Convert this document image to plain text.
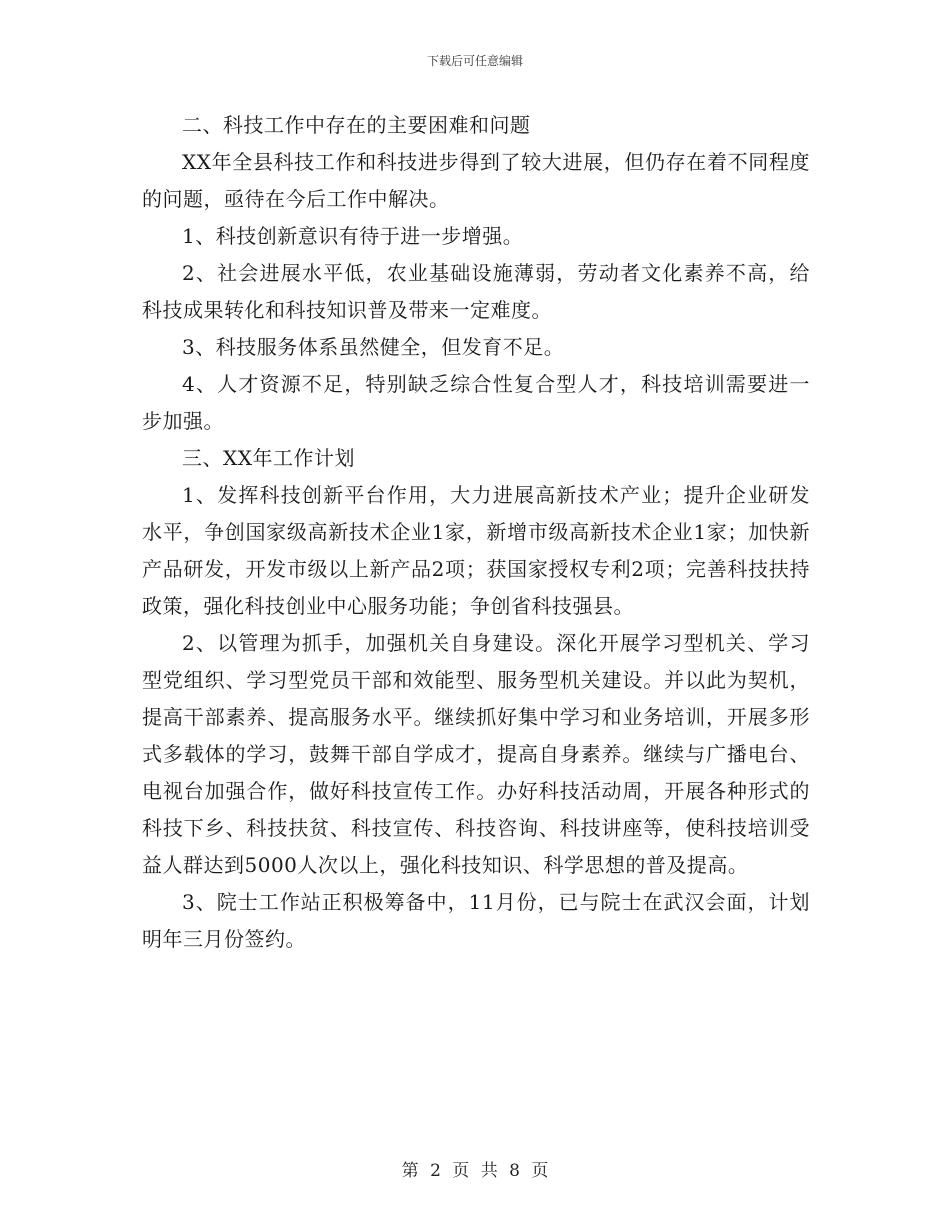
下载后可任意编辑

二、科技工作中存在的主要困难和问题

XX年全县科技工作和科技进步得到了较大进展，但仍存在着不同程度的问题，亟待在今后工作中解决。

1、科技创新意识有待于进一步增强。

2、社会进展水平低，农业基础设施薄弱，劳动者文化素养不高，给科技成果转化和科技知识普及带来一定难度。

3、科技服务体系虽然健全，但发育不足。

4、人才资源不足，特别缺乏综合性复合型人才，科技培训需要进一步加强。

三、XX年工作计划

1、发挥科技创新平台作用，大力进展高新技术产业；提升企业研发水平，争创国家级高新技术企业1家，新增市级高新技术企业1家；加快新产品研发，开发市级以上新产品2项；获国家授权专利2项；完善科技扶持政策，强化科技创业中心服务功能；争创省科技强县。

2、以管理为抓手，加强机关自身建设。深化开展学习型机关、学习型党组织、学习型党员干部和效能型、服务型机关建设。并以此为契机，提高干部素养、提高服务水平。继续抓好集中学习和业务培训，开展多形式多载体的学习，鼓舞干部自学成才，提高自身素养。继续与广播电台、电视台加强合作，做好科技宣传工作。办好科技活动周，开展各种形式的科技下乡、科技扶贫、科技宣传、科技咨询、科技讲座等，使科技培训受益人群达到5000人次以上，强化科技知识、科学思想的普及提高。

3、院士工作站正积极筹备中，11月份，已与院士在武汉会面，计划明年三月份签约。

第 2 页 共 8 页
